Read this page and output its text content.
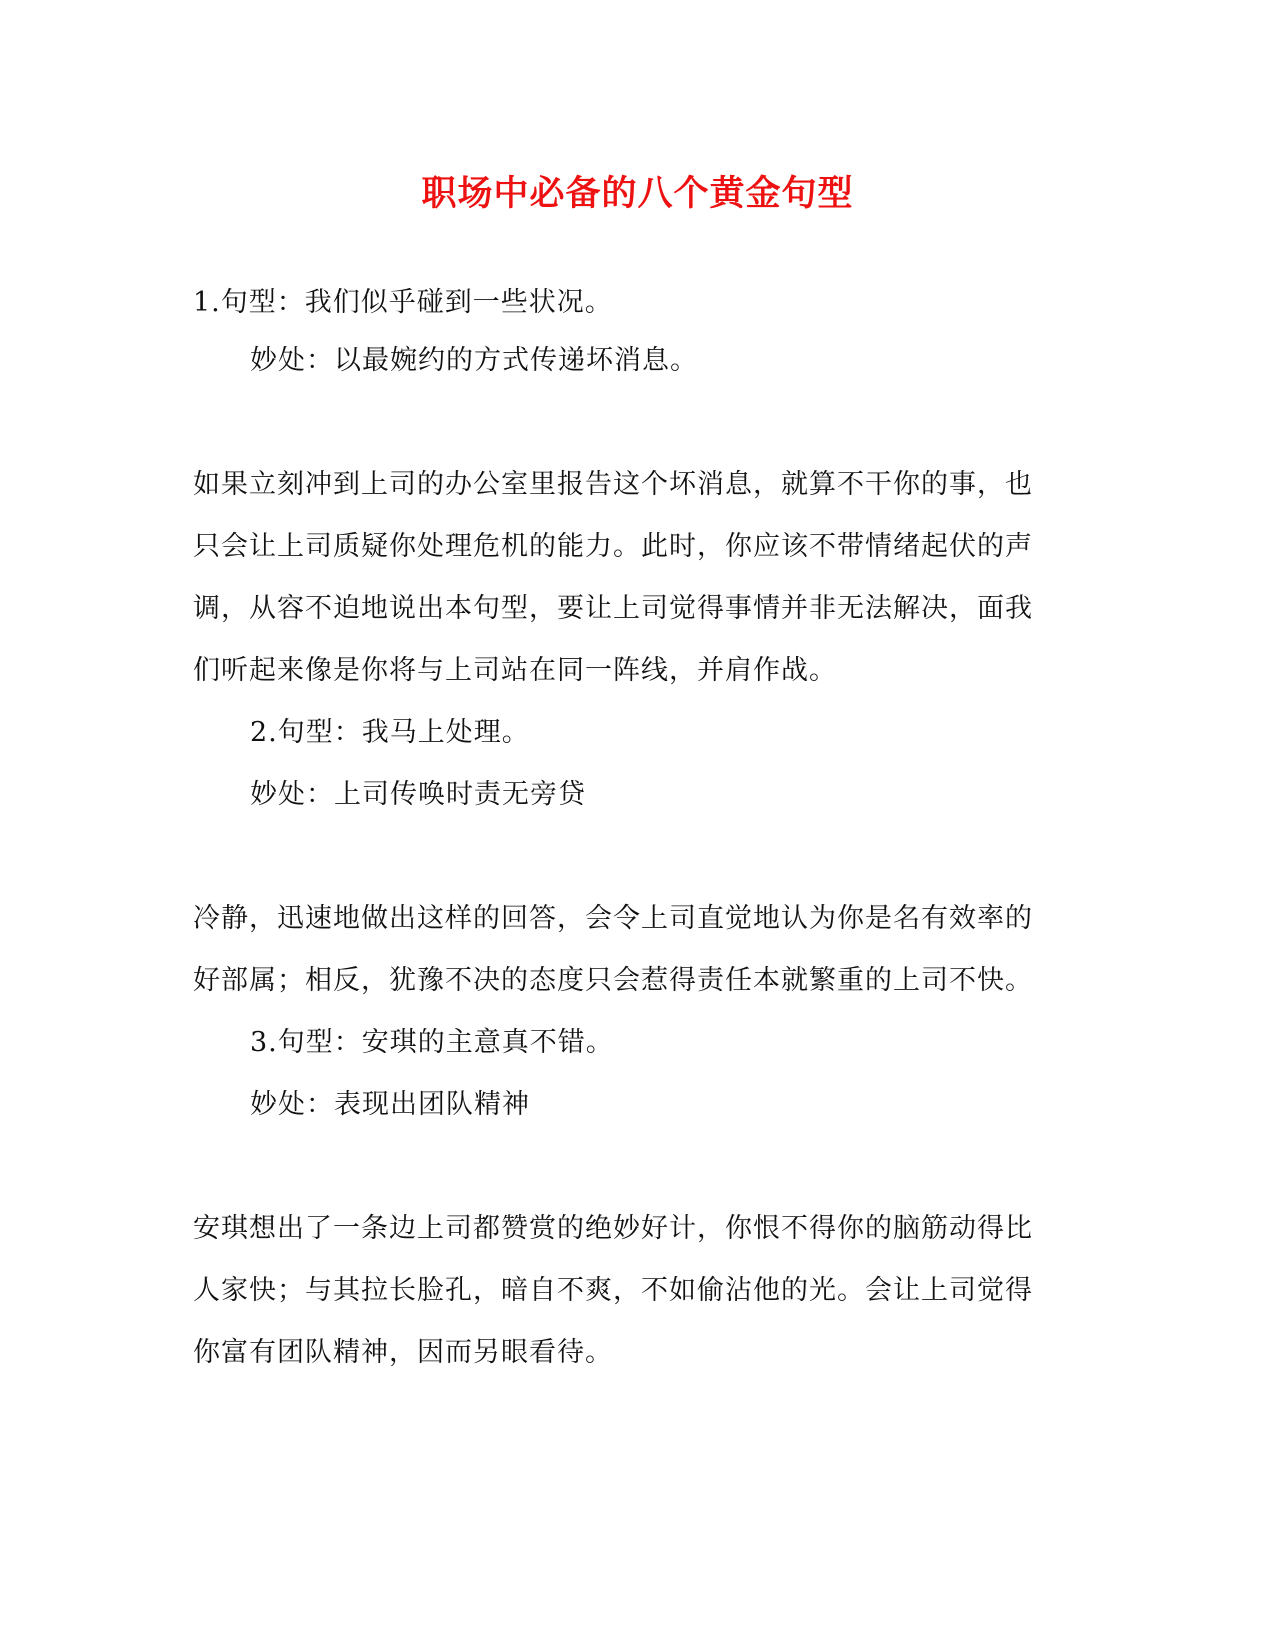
职场中必备的八个黄金句型
1.句型：我们似乎碰到一些状况。
妙处：以最婉约的方式传递坏消息。
如果立刻冲到上司的办公室里报告这个坏消息，就算不干你的事，也
只会让上司质疑你处理危机的能力。此时，你应该不带情绪起伏的声
调，从容不迫地说出本句型，要让上司觉得事情并非无法解决，面我
们听起来像是你将与上司站在同一阵线，并肩作战。
2.句型：我马上处理。
妙处：上司传唤时责无旁贷
冷静，迅速地做出这样的回答，会令上司直觉地认为你是名有效率的
好部属；相反，犹豫不决的态度只会惹得责任本就繁重的上司不快。
3.句型：安琪的主意真不错。
妙处：表现出团队精神
安琪想出了一条边上司都赞赏的绝妙好计，你恨不得你的脑筋动得比
人家快；与其拉长脸孔，暗自不爽，不如偷沾他的光。会让上司觉得
你富有团队精神，因而另眼看待。
